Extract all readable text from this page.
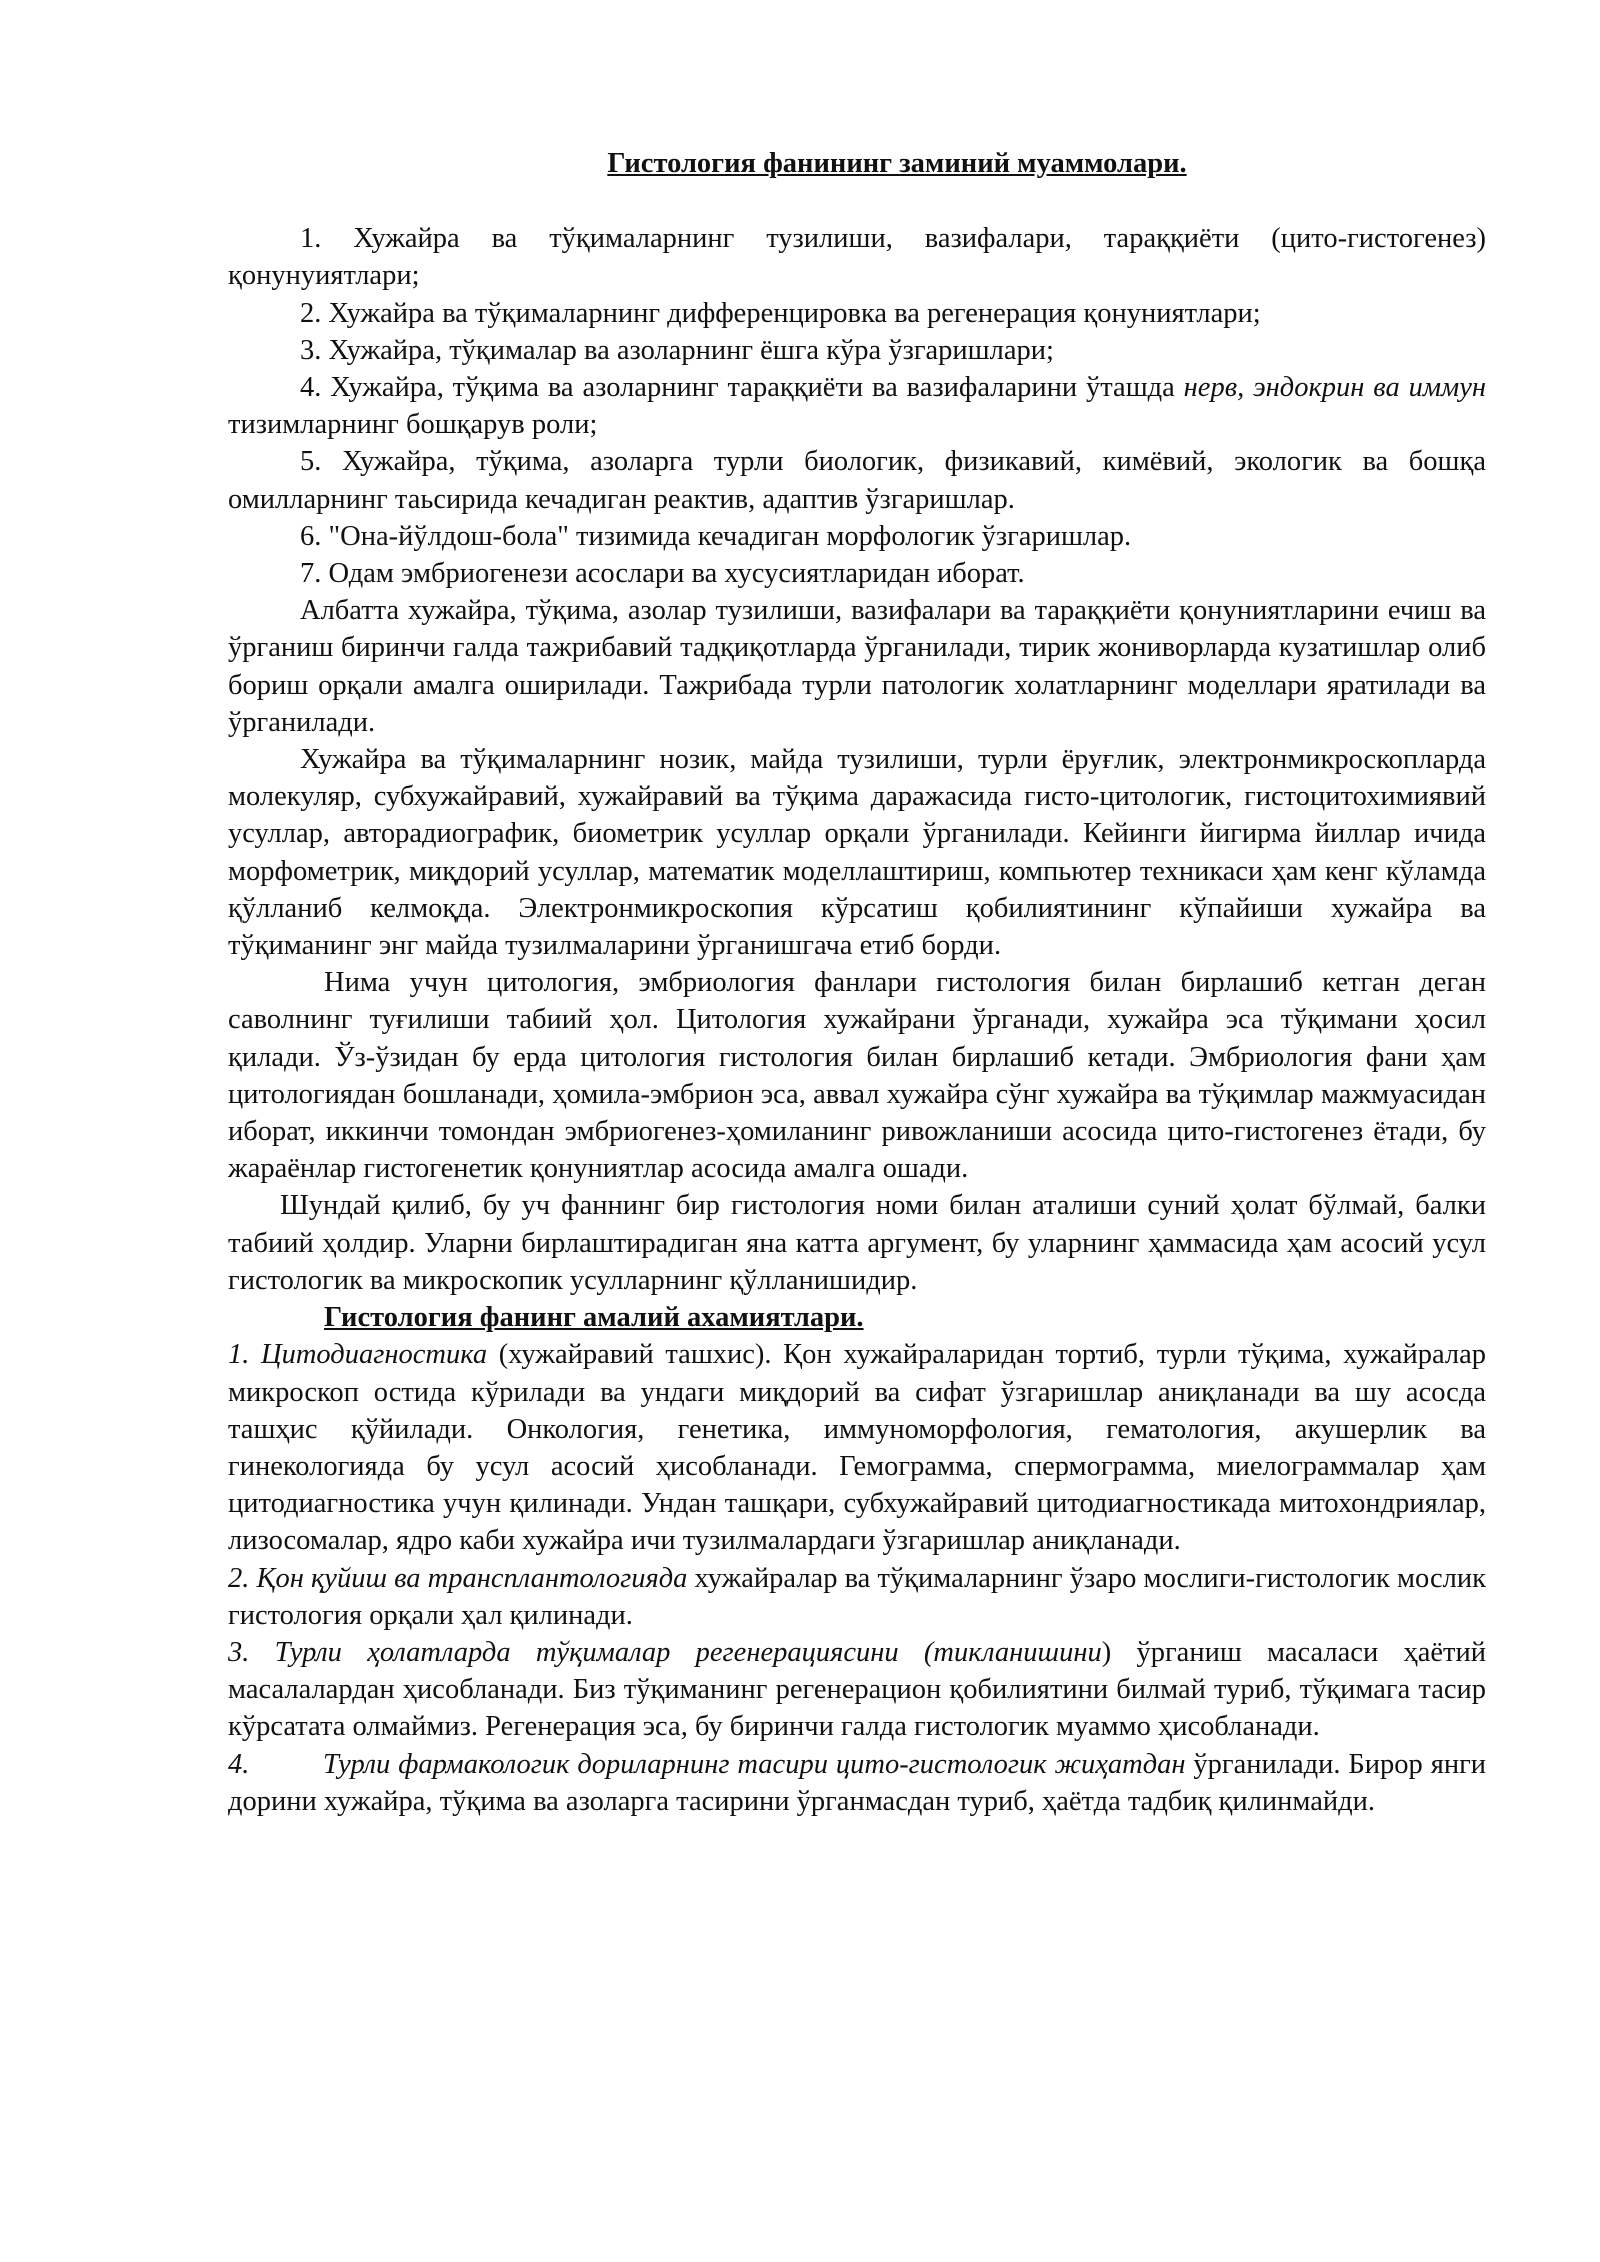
Гистология фанининг заминий муаммолари.

1. Хужайра ва тўқималарнинг тузилиши, вазифалари, тараққиёти (цито-гистогенез) қонунуиятлари;

2. Хужайра ва тўқималарнинг дифференцировка ва регенерация қонуниятлари;

3. Хужайра, тўқималар ва азоларнинг ёшга кўра ўзгаришлари;

4. Хужайра, тўқима ва азоларнинг тараққиёти ва вазифаларини ўташда нерв, эндокрин ва иммун тизимларнинг бошқарув роли;

5. Хужайра, тўқима, азоларга турли биологик, физикавий, кимёвий, экологик ва бошқа омилларнинг таьсирида кечадиган реактив, адаптив ўзгаришлар.

6. "Она-йўлдош-бола" тизимида кечадиган морфологик ўзгаришлар.

7. Одам эмбриогенези асослари ва хусусиятларидан иборат.

Албатта хужайра, тўқима, азолар тузилиши, вазифалари ва тараққиёти қонуниятларини ечиш ва ўрганиш биринчи галда тажрибавий тадқиқотларда ўрганилади, тирик жониворларда кузатишлар олиб бориш орқали амалга оширилади. Тажрибада турли патологик холатларнинг моделлари яратилади ва ўрганилади.

Хужайра ва тўқималарнинг нозик, майда тузилиши, турли ёруғлик, электронмикроскопларда молекуляр, субхужайравий, хужайравий ва тўқима даражасида гисто-цитологик, гистоцитохимиявий усуллар, авторадиографик, биометрик усуллар орқали ўрганилади. Кейинги йигирма йиллар ичида морфометрик, миқдорий усуллар, математик моделлаштириш, компьютер техникаси ҳам кенг кўламда қўлланиб келмоқда. Электронмикроскопия кўрсатиш қобилиятининг кўпайиши хужайра ва тўқиманинг энг майда тузилмаларини ўрганишгача етиб борди.

Нима учун цитология, эмбриология фанлари гистология билан бирлашиб кетган деган саволнинг туғилиши табиий ҳол. Цитология хужайрани ўрганади, хужайра эса тўқимани ҳосил қилади. Ўз-ўзидан бу ерда цитология гистология билан бирлашиб кетади. Эмбриология фани ҳам цитологиядан бошланади, ҳомила-эмбрион эса, аввал хужайра сўнг хужайра ва тўқимлар мажмуасидан иборат, иккинчи томондан эмбриогенез-ҳомиланинг ривожланиши асосида цито-гистогенез ётади, бу жараёнлар гистогенетик қонуниятлар асосида амалга ошади.

Шундай қилиб, бу уч фаннинг бир гистология номи билан аталиши суний ҳолат бўлмай, балки табиий ҳолдир. Уларни бирлаштирадиган яна катта аргумент, бу уларнинг ҳаммасида ҳам асосий усул гистологик ва микроскопик усулларнинг қўлланишидир.

Гистология фанинг амалий ахамиятлари.

1. Цитодиагностика (хужайравий ташхис). Қон хужайраларидан тортиб, турли тўқима, хужайралар микроскоп остида кўрилади ва ундаги миқдорий ва сифат ўзгаришлар аниқланади ва шу асосда ташҳис қўйилади. Онкология, генетика, иммуноморфология, гематология, акушерлик ва гинекологияда бу усул асосий ҳисобланади. Гемограмма, спермограмма, миелограммалар ҳам цитодиагностика учун қилинади. Ундан ташқари, субхужайравий цитодиагностикада митохондриялар, лизосомалар, ядро каби хужайра ичи тузилмалардаги ўзгаришлар аниқланади.

2. Қон қуйиш ва трансплантологияда хужайралар ва тўқималарнинг ўзаро мослиги-гистологик мослик гистология орқали ҳал қилинади.

3. Турли ҳолатларда тўқималар регенерациясини (тикланишини) ўрганиш масаласи ҳаётий масалалардан ҳисобланади. Биз тўқиманинг регенерацион қобилиятини билмай туриб, тўқимага тасир кўрсатата олмаймиз. Регенерация эса, бу биринчи галда гистологик муаммо ҳисобланади.

4.	Турли фармакологик дориларнинг тасири цито-гистологик жиҳатдан ўрганилади. Бирор янги дорини хужайра, тўқима ва азоларга тасирини ўрганмасдан туриб, ҳаётда тадбиқ қилинмайди.
